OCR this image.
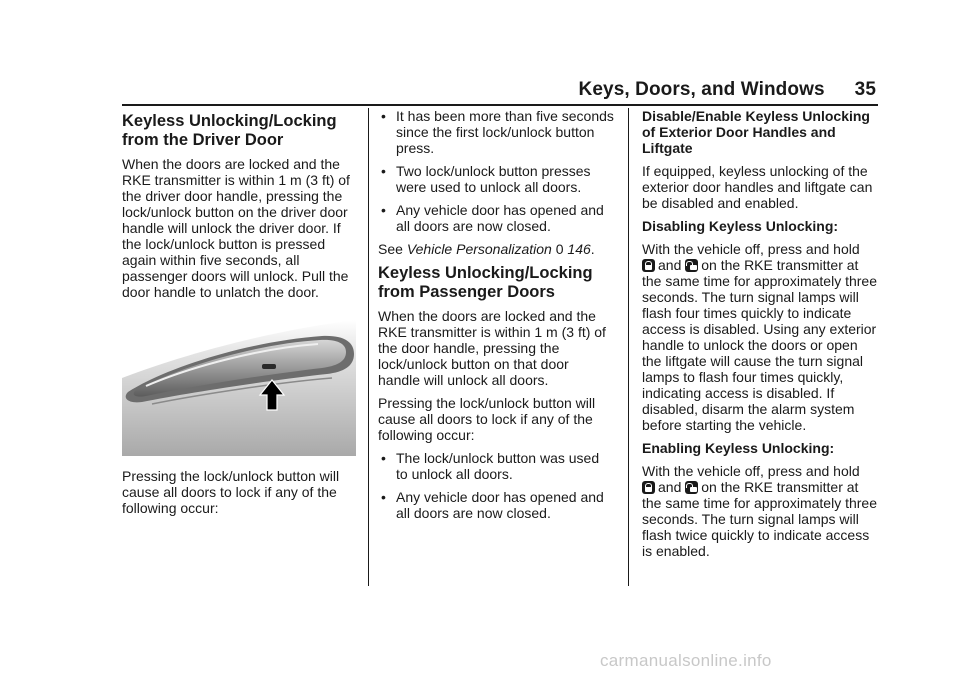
Keys, Doors, and Windows 35
Keyless Unlocking/Locking from the Driver Door

When the doors are locked and the RKE transmitter is within 1 m (3 ft) of the driver door handle, pressing the lock/unlock button on the driver door handle will unlock the driver door. If the lock/unlock button is pressed again within five seconds, all passenger doors will unlock. Pull the door handle to unlatch the door.

Pressing the lock/unlock button will cause all doors to lock if any of the following occur:

• It has been more than five seconds since the first lock/unlock button press.
• Two lock/unlock button presses were used to unlock all doors.
• Any vehicle door has opened and all doors are now closed.

See Vehicle Personalization 0 146.

Keyless Unlocking/Locking from Passenger Doors

When the doors are locked and the RKE transmitter is within 1 m (3 ft) of the door handle, pressing the lock/unlock button on that door handle will unlock all doors.

Pressing the lock/unlock button will cause all doors to lock if any of the following occur:

• The lock/unlock button was used to unlock all doors.
• Any vehicle door has opened and all doors are now closed.

Disable/Enable Keyless Unlocking of Exterior Door Handles and Liftgate

If equipped, keyless unlocking of the exterior door handles and liftgate can be disabled and enabled.

Disabling Keyless Unlocking:

With the vehicle off, press and hold and on the RKE transmitter at the same time for approximately three seconds. The turn signal lamps will flash four times quickly to indicate access is disabled. Using any exterior handle to unlock the doors or open the liftgate will cause the turn signal lamps to flash four times quickly, indicating access is disabled. If disabled, disarm the alarm system before starting the vehicle.

Enabling Keyless Unlocking:

With the vehicle off, press and hold and on the RKE transmitter at the same time for approximately three seconds. The turn signal lamps will flash twice quickly to indicate access is enabled.

carmanualsonline.info
